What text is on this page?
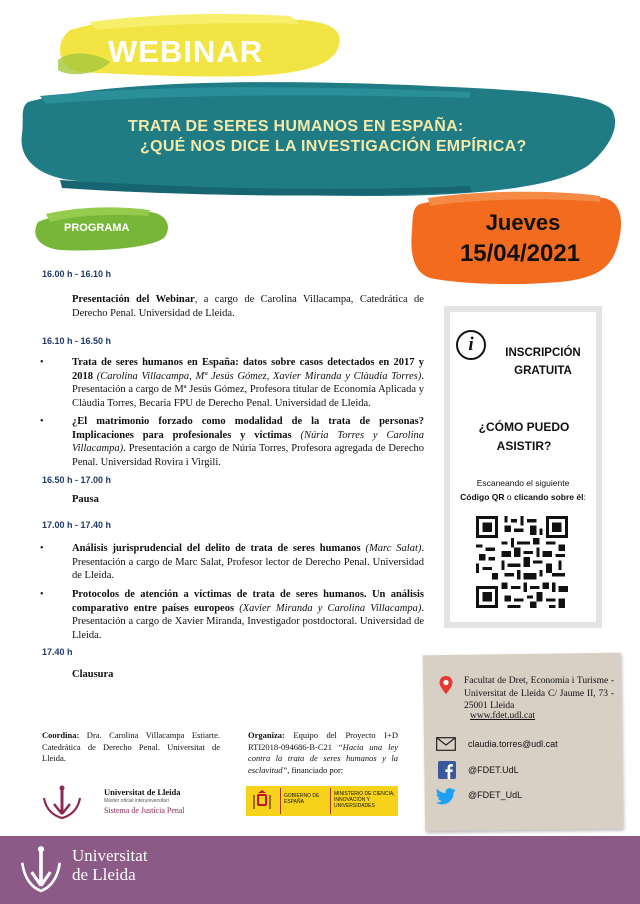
WEBINAR
TRATA DE SERES HUMANOS EN ESPAÑA:
¿QUÉ NOS DICE LA INVESTIGACIÓN EMPÍRICA?
PROGRAMA	Jueves
15/04/2021
16.00 h - 16.10 h
Presentación del Webinar, a cargo de Carolina Villacampa, Catedrática de Derecho Penal. Universidad de Lleida.
16.10 h - 16.50 h
•	Trata de seres humanos en España: datos sobre casos detectados en 2017 y 2018 (Carolina Villacampa, Mª Jesús Gómez, Xavier Miranda y Clàudia Torres). Presentación a cargo de Mª Jesús Gómez, Profesora titular de Economía Aplicada y Clàudia Torres, Becaria FPU de Derecho Penal. Universidad de Lleida.
•	¿El matrimonio forzado como modalidad de la trata de personas? Implicaciones para profesionales y víctimas (Núria Torres y Carolina Villacampa). Presentación a cargo de Núria Torres, Profesora agregada de Derecho Penal. Universidad Rovira i Virgili.
16.50 h - 17.00 h
Pausa
17.00 h - 17.40 h
•	Análisis jurisprudencial del delito de trata de seres humanos (Marc Salat). Presentación a cargo de Marc Salat, Profesor lector de Derecho Penal. Universidad de Lleida.
•	Protocolos de atención a víctimas de trata de seres humanos. Un análisis comparativo entre países europeos (Xavier Miranda y Carolina Villacampa). Presentación a cargo de Xavier Miranda, Investigador postdoctoral. Universidad de Lleida.
17.40 h
Clausura
i	INSCRIPCIÓN GRATUITA
¿CÓMO PUEDO ASISTIR?
Escaneando el siguiente
Código QR o clicando sobre él:
Facultat de Dret, Economia i Turisme - Universitat de Lleida C/ Jaume II, 73 - 25001 Lleida
www.fdet.udl.cat
claudia.torres@udl.cat
@FDET.UdL
@FDET_UdL
Coordina: Dra. Carolina Villacampa Estiarte. Catedrática de Derecho Penal. Universitat de Lleida.
Organiza: Equipo del Proyecto I+D RTI2018-094686-B-C21 “Hacia una ley contra la trata de seres humanos y la esclavitud”, financiado por:
Universitat de Lleida
Màster oficial interuniversitari
Sistema de Justícia Penal
GOBIERNO DE ESPAÑA
MINISTERIO DE CIENCIA, INNOVACIÓN Y UNIVERSIDADES
Universitat
de Lleida
